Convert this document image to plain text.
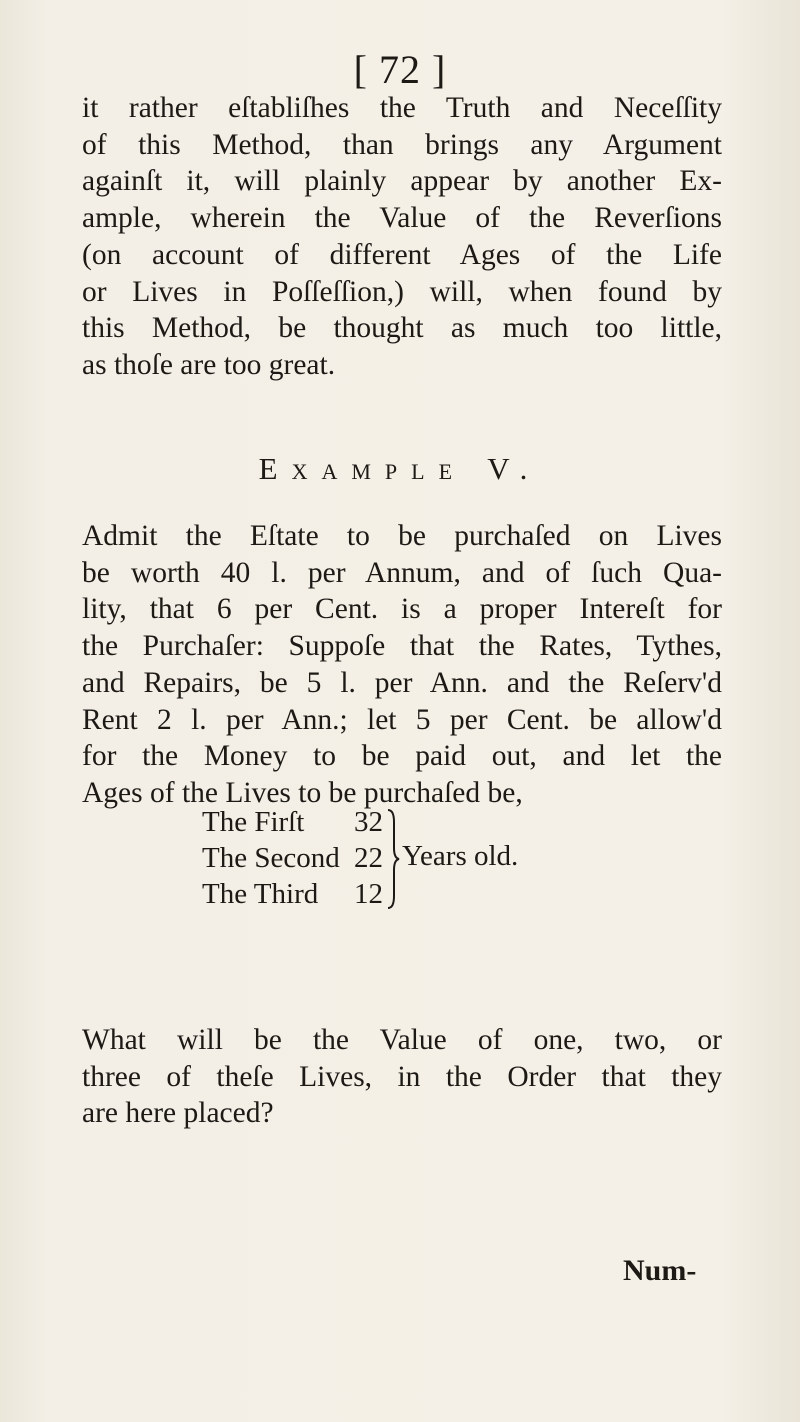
[ 72 ]
it rather eſtabliſhes the Truth and Neceſſity
of this Method, than brings any Argument
againſt it, will plainly appear by another Ex-
ample, wherein the Value of the Reverſions
(on account of different Ages of the Life
or Lives in Poſſeſſion,) will, when found by
this Method, be thought as much too little,
as thoſe are too great.
Example V.
Admit the Eſtate to be purchaſed on Lives
be worth 40 l. per Annum, and of ſuch Qua-
lity, that 6 per Cent. is a proper Intereſt for
the Purchaſer: Suppoſe that the Rates, Tythes,
and Repairs, be 5 l. per Ann. and the Reſerv'd
Rent 2 l. per Ann.; let 5 per Cent. be allow'd
for the Money to be paid out, and let the
Ages of the Lives to be purchaſed be,
The Firſt	32
The Second 22
The Third	12
Years old.
What will be the Value of one, two, or
three of theſe Lives, in the Order that they
are here placed?
Num-
